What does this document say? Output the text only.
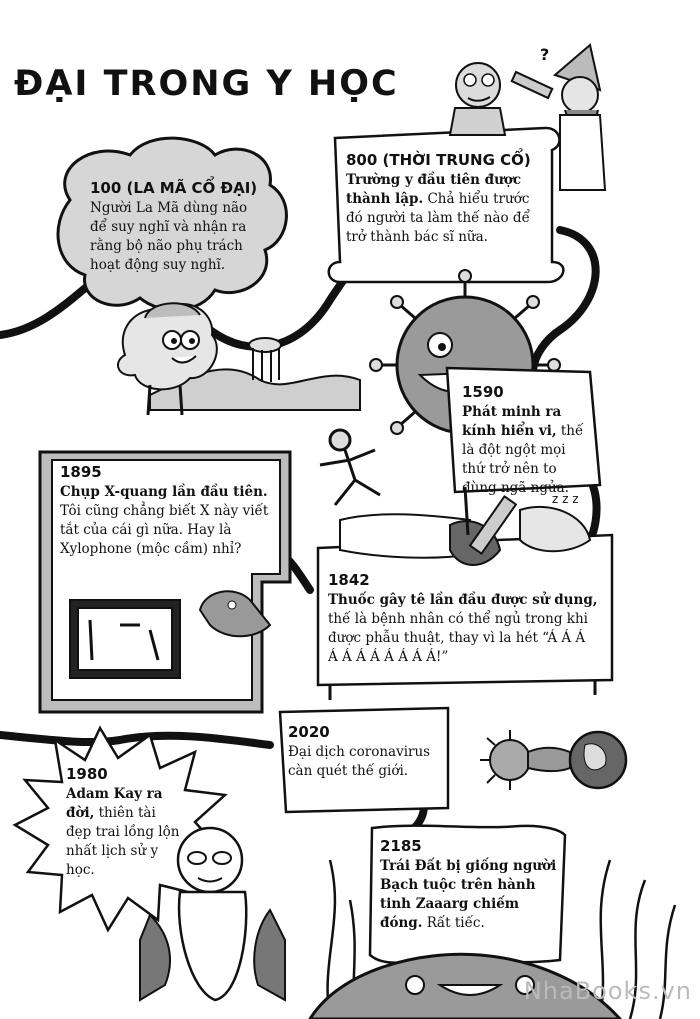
?
ĐẠI TRONG Y HỌC
100 (LA MÃ CỔ ĐẠI)

Người La Mã dùng não để suy nghĩ và nhận ra rằng bộ não phụ trách hoạt động suy nghĩ.

800 (THỜI TRUNG CỔ)

Trường y đầu tiên được thành lập. Chả hiểu trước đó người ta làm thế nào để trở thành bác sĩ nữa.

1590

Phát minh ra kính hiển vi, thế là đột ngột mọi thứ trở nên to đùng ngã ngửa.

1895

Chụp X-quang lần đầu tiên. Tôi cũng chẳng biết X này viết tắt của cái gì nữa. Hay là Xylophone (mộc cầm) nhỉ?

z z z
1842

Thuốc gây tê lần đầu được sử dụng, thế là bệnh nhân có thể ngủ trong khi được phẫu thuật, thay vì la hét “Á Á Á Á Á Á Á Á Á Á Á!”

2020

Đại dịch coronavirus càn quét thế giới.

1980

Adam Kay ra đời, thiên tài đẹp trai lồng lộn nhất lịch sử y học.

2185

Trái Đất bị giống người Bạch tuộc trên hành tinh Zaaarg chiếm đóng. Rất tiếc.

NhaBooks.vn
